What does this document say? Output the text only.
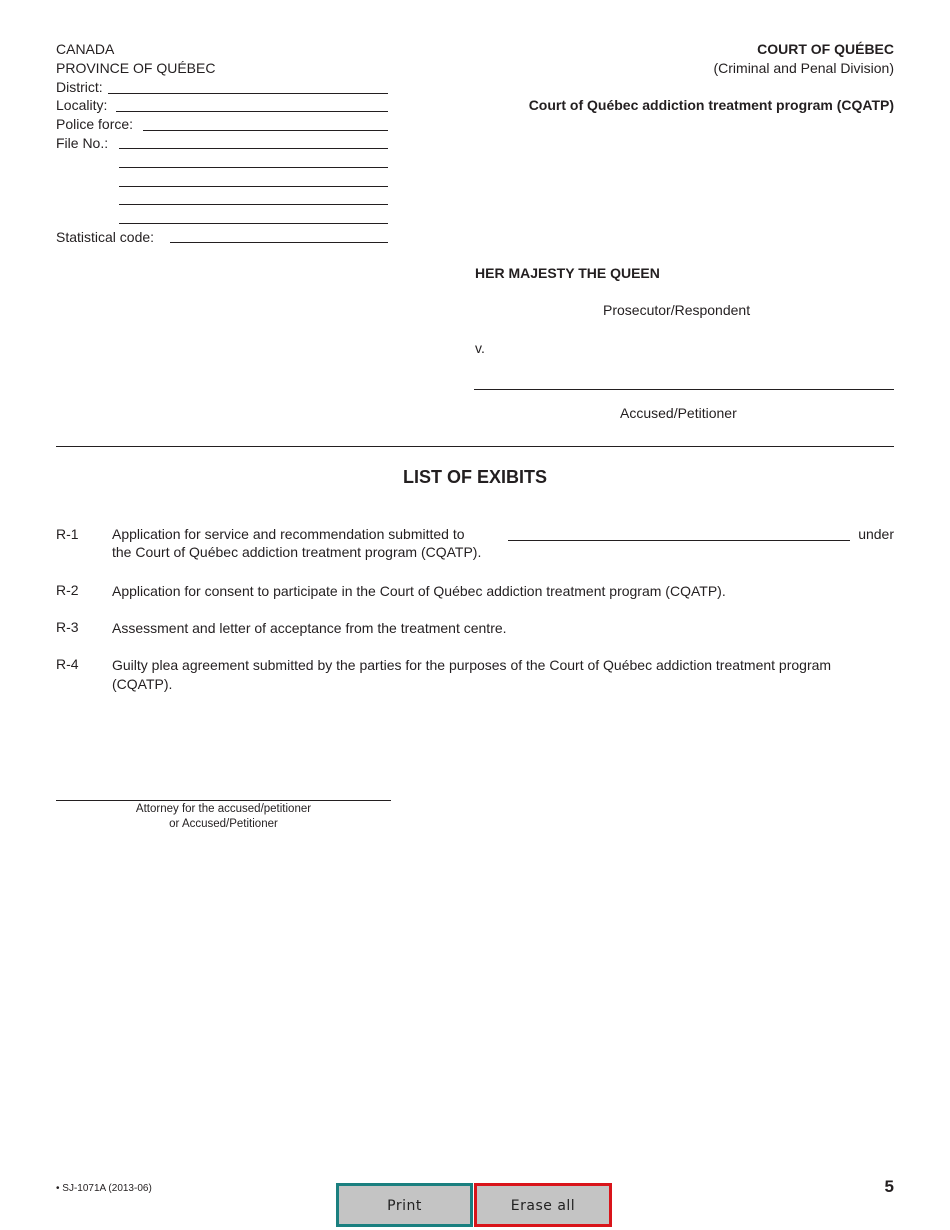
CANADA
PROVINCE OF QUÉBEC
District:
Locality:
Police force:
File No.:
Statistical code:
COURT OF QUÉBEC
(Criminal and Penal Division)
Court of Québec addiction treatment program (CQATP)
HER MAJESTY THE QUEEN
Prosecutor/Respondent
v.
Accused/Petitioner
LIST OF EXIBITS
R-1 Application for service and recommendation submitted to	under
the Court of Québec addiction treatment program (CQATP).
R-2 Application for consent to participate in the Court of Québec addiction treatment program (CQATP).
R-3 Assessment and letter of acceptance from the treatment centre.
R-4 Guilty plea agreement submitted by the parties for the purposes of the Court of Québec addiction treatment program (CQATP).
Attorney for the accused/petitioner
or Accused/Petitioner
• SJ-1071A (2013-06)	5
Print	Erase all
